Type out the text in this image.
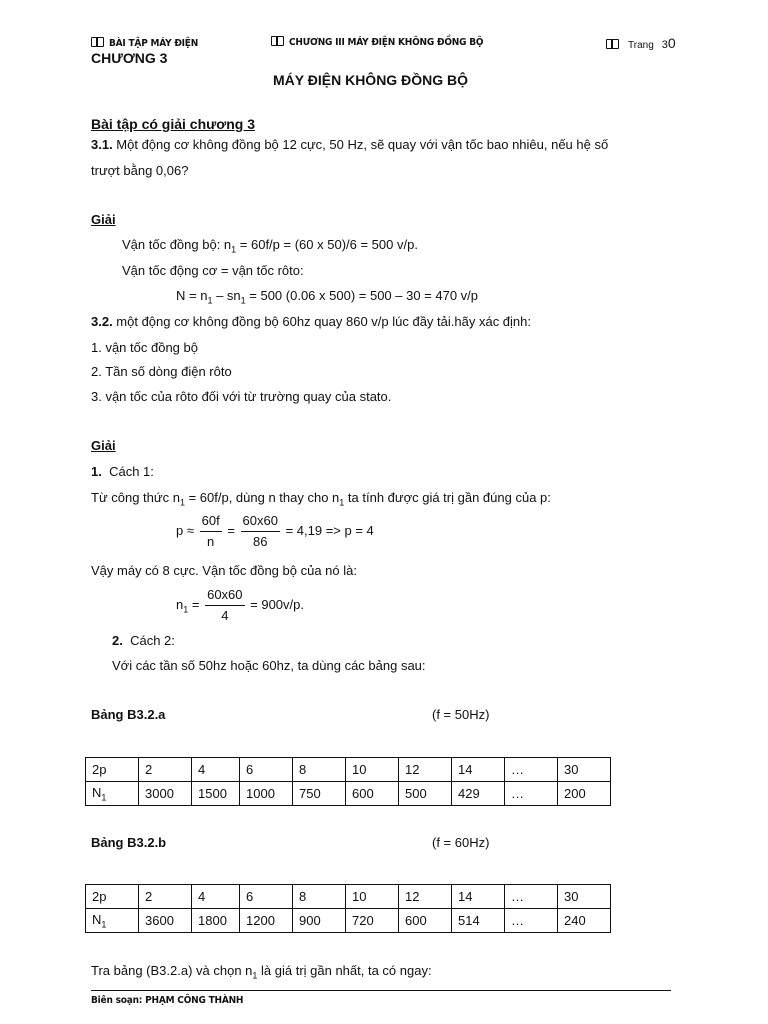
BÀI TẬP MÁY ĐIỆN	CHƯƠNG III MÁY ĐIỆN KHÔNG ĐỒNG BỘ	Trang 30
CHƯƠNG 3
MÁY ĐIỆN KHÔNG ĐỒNG BỘ
Bài tập có giải chương 3
3.1. Một động cơ không đồng bộ 12 cực, 50 Hz, sẽ quay với vận tốc bao nhiêu, nếu hệ số
trượt bằng 0,06?
Giải
Vận tốc đồng bộ: $n_1 = 60f/p = (60$ x 50)/6 = 500 v/p.
Vận tốc động cơ = vận tốc rôto:
$N = n_1 - sn_1 = 500$ (0.06 x 500) = 500 – 30 = 470 v/p
3.2. một động cơ không đồng bộ 60hz quay 860 v/p lúc đầy tải.hãy xác định:
1. vận tốc đồng bộ
2. Tần số dòng điện rôto
3. vận tốc của rôto đối với từ trường quay của stato.
Giải
1. Cách 1:
Từ công thức $n_1 = 60f/p$, dùng n thay cho $n_1$ ta tính được giá trị gần đúng của p:
$p \approx \frac{60f}{n} = \frac{60x60}{86} = 4,19 => p = 4$
Vậy máy có 8 cực. Vận tốc đồng bộ của nó là:
$n_1 = \frac{60x60}{4} = 900v/p$.
2. Cách 2:
Với các tần số 50hz hoặc 60hz, ta dùng các bảng sau:
Bảng B3.2.a	(f = 50Hz)
2p	2	4	6	8	10	12	14	…	30
$N_1$	3000	1500	1000	750	600	500	429	…	200
Bảng B3.2.b	(f = 60Hz)
2p	2	4	6	8	10	12	14	…	30
$N_1$	3600	1800	1200	900	720	600	514	…	240
Tra bảng (B3.2.a) và chọn $n_1$ là giá trị gần nhất, ta có ngay:
Biên soạn: PHẠM CÔNG THÀNH
